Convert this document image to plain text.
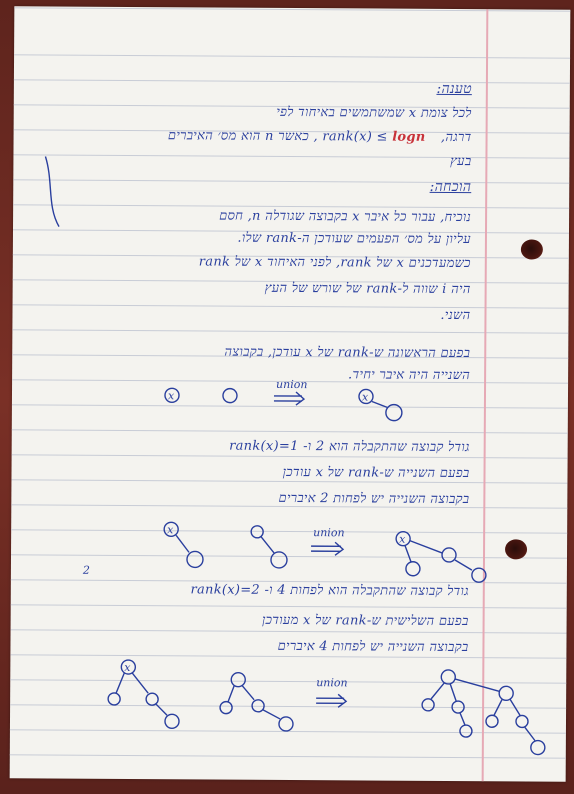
טענה:
לכל צומת x שמשתמשים באיחוד לפי
דרגה,
rank(x) ≤ logn , כאשר n הוא מס׳ האיברים
בעץ
הוכחה:
נוכיח, עבור כל איבר x בקבוצה שגודלה n, חסם
עליון על מס׳ הפעמים שעודכן ה-rank שלו.
כשמעדכנים x של rank, לפני האיחוד x של rank
היה i שווה ל-rank של שורש של העץ
השני.
בפעם הראשונה ש-rank של x עודכן, בקבוצה
השנייה היה איבר יחיד.
גודל קבוצה שהתקבלה הוא 2 ו- rank(x)=1
בפעם השנייה ש-rank של x עודכן
בקבוצה השנייה יש לפחות 2 איברים
גודל קבוצה שהתקבלה הוא לפחות 4 ו- rank(x)=2
בפעם השלישית ש-rank של x מעודכן
בקבוצה השנייה יש לפחות 4 איברים
x
union
x
x	union	x
2
x
union
